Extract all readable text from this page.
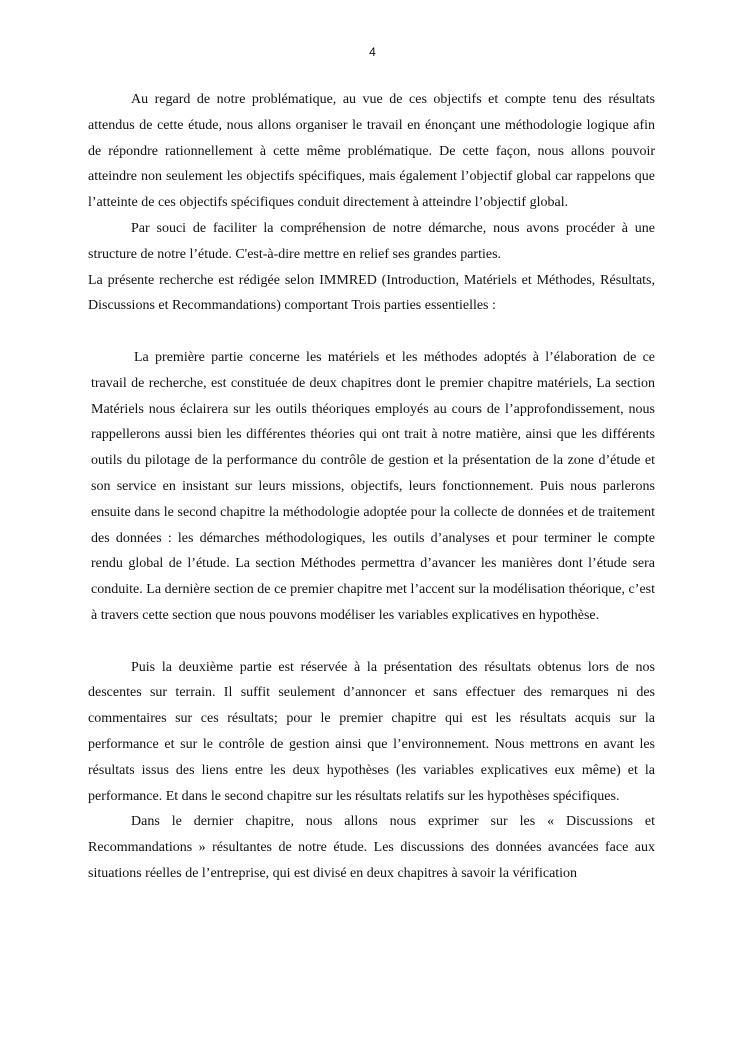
4

Au regard de notre problématique, au vue de ces objectifs et compte tenu des résultats attendus de cette étude, nous allons organiser le travail en énonçant une méthodologie logique afin de répondre rationnellement à cette même problématique. De cette façon, nous allons pouvoir atteindre non seulement les objectifs spécifiques, mais également l’objectif global car rappelons que l’atteinte de ces objectifs spécifiques conduit directement à atteindre l’objectif global.

Par souci de faciliter la compréhension de notre démarche, nous avons procéder à une structure de notre l’étude. C'est-à-dire mettre en relief ses grandes parties.

La présente recherche est rédigée selon IMMRED (Introduction, Matériels et Méthodes, Résultats, Discussions et Recommandations) comportant Trois parties essentielles :

La première partie concerne les matériels et les méthodes adoptés à l’élaboration de ce travail de recherche, est constituée de deux chapitres dont le premier chapitre matériels, La section Matériels nous éclairera sur les outils théoriques employés au cours de l’approfondissement, nous rappellerons aussi bien les différentes théories qui ont trait à notre matière, ainsi que les différents outils du pilotage de la performance du contrôle de gestion et la présentation de la zone d’étude et son service en insistant sur leurs missions, objectifs, leurs fonctionnement. Puis nous parlerons ensuite dans le second chapitre la méthodologie adoptée pour la collecte de données et de traitement des données : les démarches méthodologiques, les outils d’analyses et pour terminer le compte rendu global de l’étude. La section Méthodes permettra d’avancer les manières dont l’étude sera conduite. La dernière section de ce premier chapitre met l’accent sur la modélisation théorique, c’est à travers cette section que nous pouvons modéliser les variables explicatives en hypothèse.

Puis la deuxième partie est réservée à la présentation des résultats obtenus lors de nos descentes sur terrain. Il suffit seulement d’annoncer et sans effectuer des remarques ni des commentaires sur ces résultats; pour le premier chapitre qui est les résultats acquis sur la performance et sur le contrôle de gestion ainsi que l’environnement. Nous mettrons en avant les résultats issus des liens entre les deux hypothèses (les variables explicatives eux même) et la performance. Et dans le second chapitre sur les résultats relatifs sur les hypothèses spécifiques.

Dans le dernier chapitre, nous allons nous exprimer sur les « Discussions et Recommandations » résultantes de notre étude. Les discussions des données avancées face aux situations réelles de l’entreprise, qui est divisé en deux chapitres à savoir la vérification
